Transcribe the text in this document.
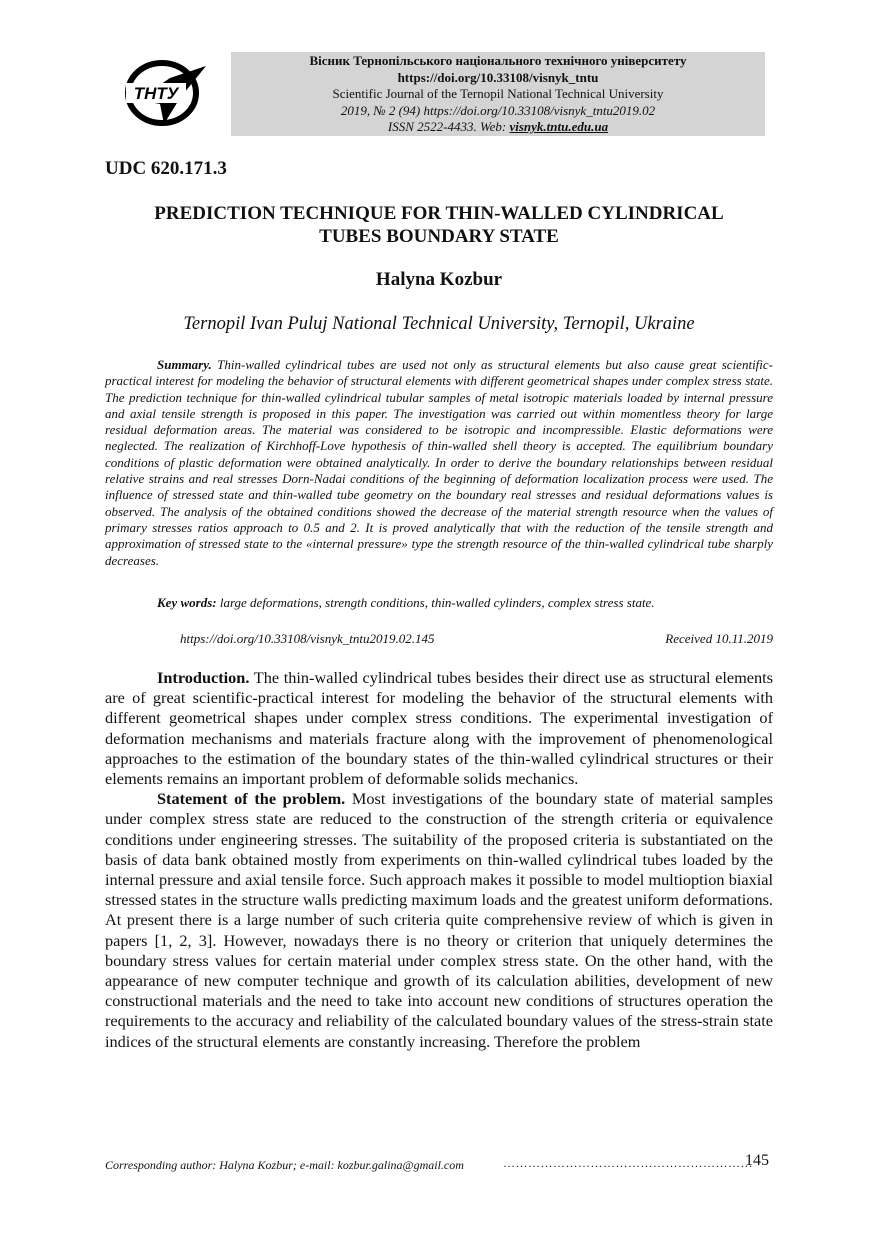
ТНТУ
Вісник Тернопільського національного технічного університету
https://doi.org/10.33108/visnyk_tntu
Scientific Journal of the Ternopil National Technical University
2019, № 2 (94) https://doi.org/10.33108/visnyk_tntu2019.02
ISSN 2522-4433. Web: visnyk.tntu.edu.ua
UDC 620.171.3
PREDICTION TECHNIQUE FOR THIN-WALLED CYLINDRICAL
TUBES BOUNDARY STATE
Halyna Kozbur
Ternopil Ivan Puluj National Technical University, Ternopil, Ukraine

Summary. Thin-walled cylindrical tubes are used not only as structural elements but also cause great scientific-practical interest for modeling the behavior of structural elements with different geometrical shapes under complex stress state. The prediction technique for thin-walled cylindrical tubular samples of metal isotropic materials loaded by internal pressure and axial tensile strength is proposed in this paper. The investigation was carried out within momentless theory for large residual deformation areas. The material was considered to be isotropic and incompressible. Elastic deformations were neglected. The realization of Kirchhoff-Love hypothesis of thin-walled shell theory is accepted. The equilibrium boundary conditions of plastic deformation were obtained analytically. In order to derive the boundary relationships between residual relative strains and real stresses Dorn-Nadai conditions of the beginning of deformation localization process were used. The influence of stressed state and thin-walled tube geometry on the boundary real stresses and residual deformations values is observed. The analysis of the obtained conditions showed the decrease of the material strength resource when the values of primary stresses ratios approach to 0.5 and 2. It is proved analytically that with the reduction of the tensile strength and approximation of stressed state to the «internal pressure» type the strength resource of the thin-walled cylindrical tube sharply decreases.

Key words: large deformations, strength conditions, thin-walled cylinders, complex stress state.

https://doi.org/10.33108/visnyk_tntu2019.02.145	Received 10.11.2019

Introduction. The thin-walled cylindrical tubes besides their direct use as structural elements are of great scientific-practical interest for modeling the behavior of the structural elements with different geometrical shapes under complex stress conditions. The experimental investigation of deformation mechanisms and materials fracture along with the improvement of phenomenological approaches to the estimation of the boundary states of the thin-walled cylindrical structures or their elements remains an important problem of deformable solids mechanics.

Statement of the problem. Most investigations of the boundary state of material samples under complex stress state are reduced to the construction of the strength criteria or equivalence conditions under engineering stresses. The suitability of the proposed criteria is substantiated on the basis of data bank obtained mostly from experiments on thin-walled cylindrical tubes loaded by the internal pressure and axial tensile force. Such approach makes it possible to model multioption biaxial stressed states in the structure walls predicting maximum loads and the greatest uniform deformations. At present there is a large number of such criteria quite comprehensive review of which is given in papers [1, 2, 3]. However, nowadays there is no theory or criterion that uniquely determines the boundary stress values for certain material under complex stress state. On the other hand, with the appearance of new computer technique and growth of its calculation abilities, development of new constructional materials and the need to take into account new conditions of structures operation the requirements to the accuracy and reliability of the calculated boundary values of the stress-strain state indices of the structural elements are constantly increasing. Therefore the problem

Corresponding author: Halyna Kozbur; e-mail: kozbur.galina@gmail.com	……………………………………………………
145
